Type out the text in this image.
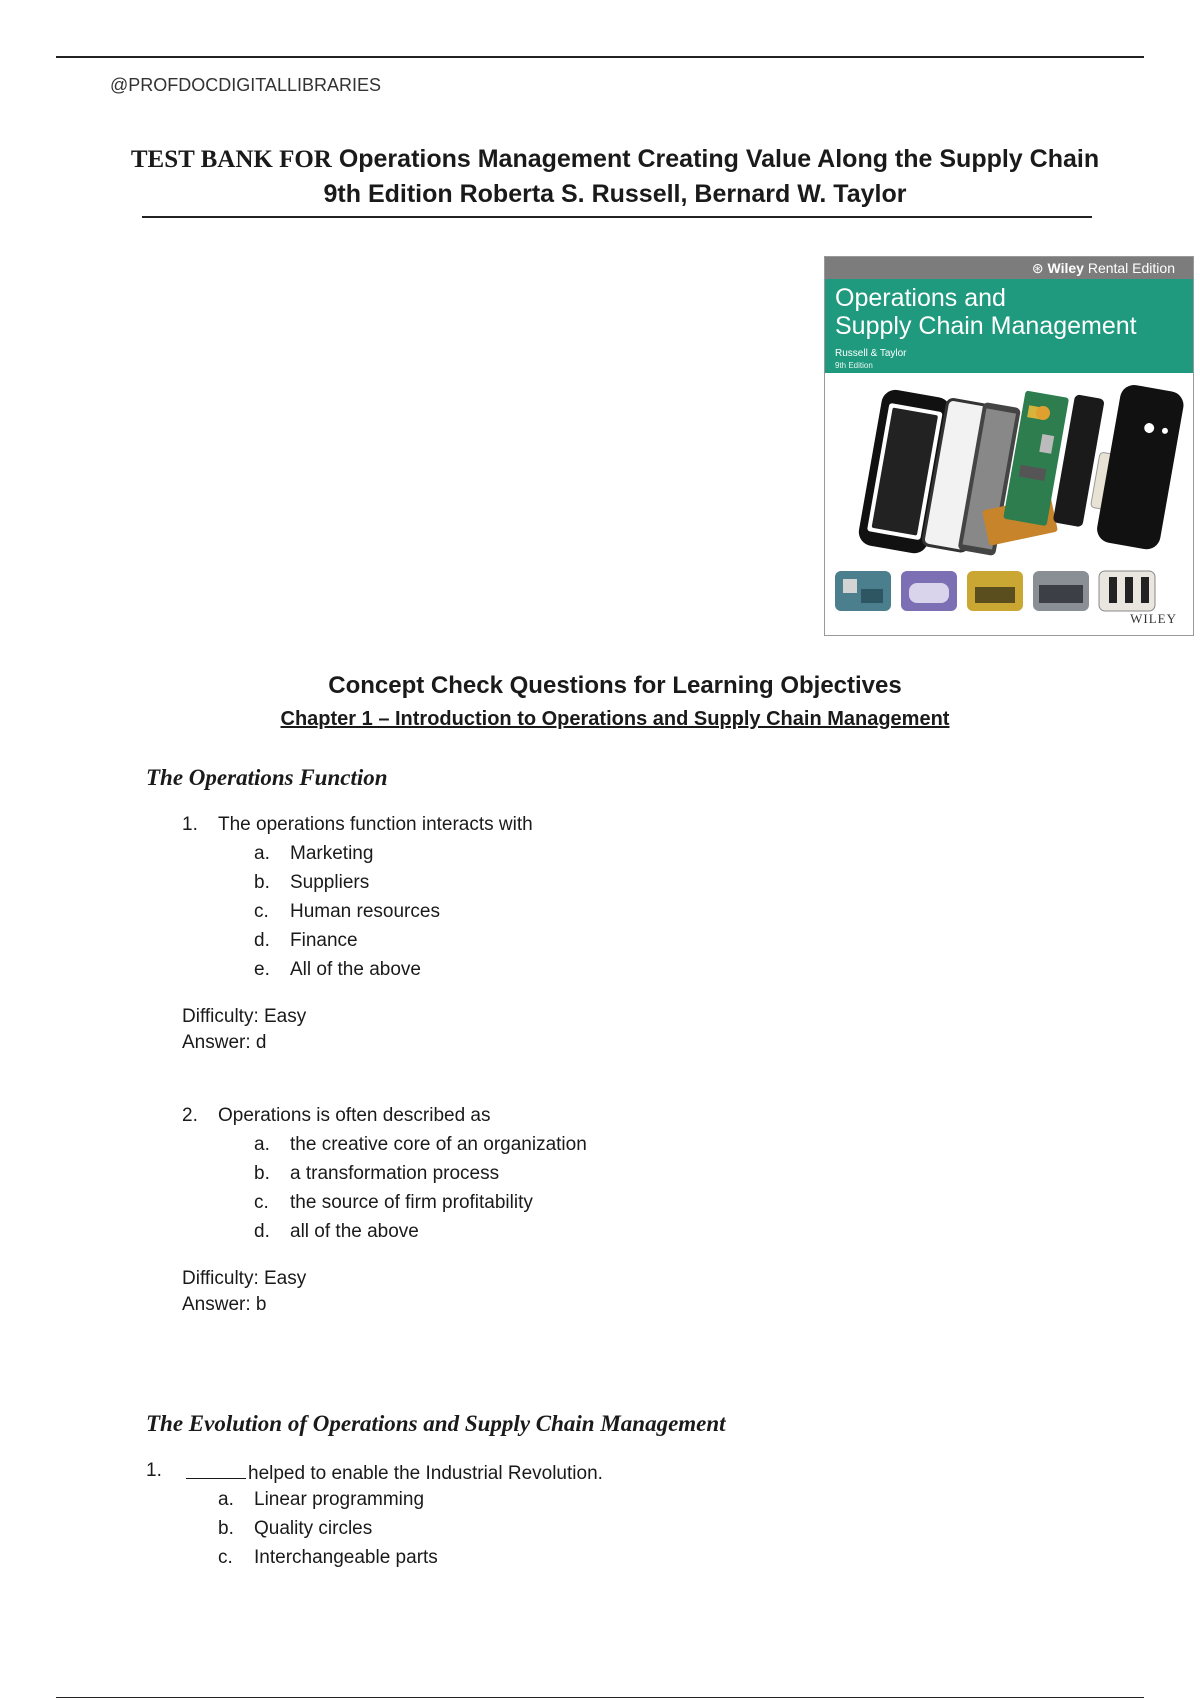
@PROFDOCDIGITALLIBRARIES
TEST BANK FOR Operations Management Creating Value Along the Supply Chain
9th Edition Roberta S. Russell, Bernard W. Taylor
⊛ Wiley Rental Edition
Operations and
Supply Chain Management
Russell & Taylor
9th Edition
WILEY
Concept Check Questions for Learning Objectives
Chapter 1 – Introduction to Operations and Supply Chain Management
The Operations Function
1. The operations function interacts with
a. Marketing
b. Suppliers
c. Human resources
d. Finance
e. All of the above
Difficulty: Easy
Answer: d
2. Operations is often described as
a. the creative core of an organization
b. a transformation process
c. the source of firm profitability
d. all of the above
Difficulty: Easy
Answer: b
The Evolution of Operations and Supply Chain Management
1.	helped to enable the Industrial Revolution.
a. Linear programming
b. Quality circles
c. Interchangeable parts
